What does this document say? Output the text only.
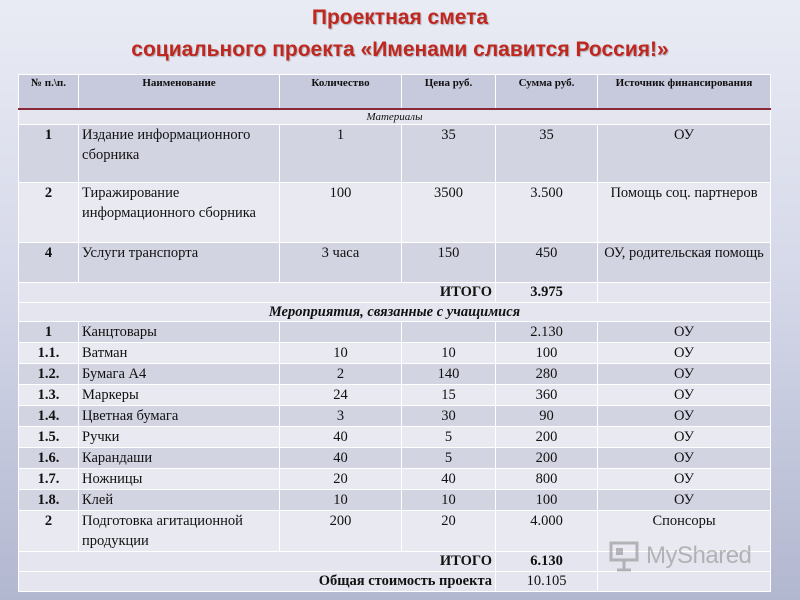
Проектная смета
социального проекта «Именами славится Россия!»
№ п.\п.	Наименование	Количество	Цена руб.	Сумма руб.	Источник финансирования
Материалы					
1	Издание информационного сборника	1	35	35	ОУ
2	Тиражирование информационного сборника	100	3500	3.500	Помощь соц. партнеров
4	Услуги транспорта	3 часа	150	450	ОУ, родительская помощь
ИТОГО				3.975	
Мероприятия, связанные с учащимися					
1	Канцтовары			2.130	ОУ
1.1.	Ватман	10	10	100	ОУ
1.2.	Бумага А4	2	140	280	ОУ
1.3.	Маркеры	24	15	360	ОУ
1.4.	Цветная бумага	3	30	90	ОУ
1.5.	Ручки	40	5	200	ОУ
1.6.	Карандаши	40	5	200	ОУ
1.7.	Ножницы	20	40	800	ОУ
1.8.	Клей	10	10	100	ОУ
2	Подготовка агитационной продукции	200	20	4.000	Спонсоры
ИТОГО				6.130	
Общая стоимость проекта				10.105	
MyShared
